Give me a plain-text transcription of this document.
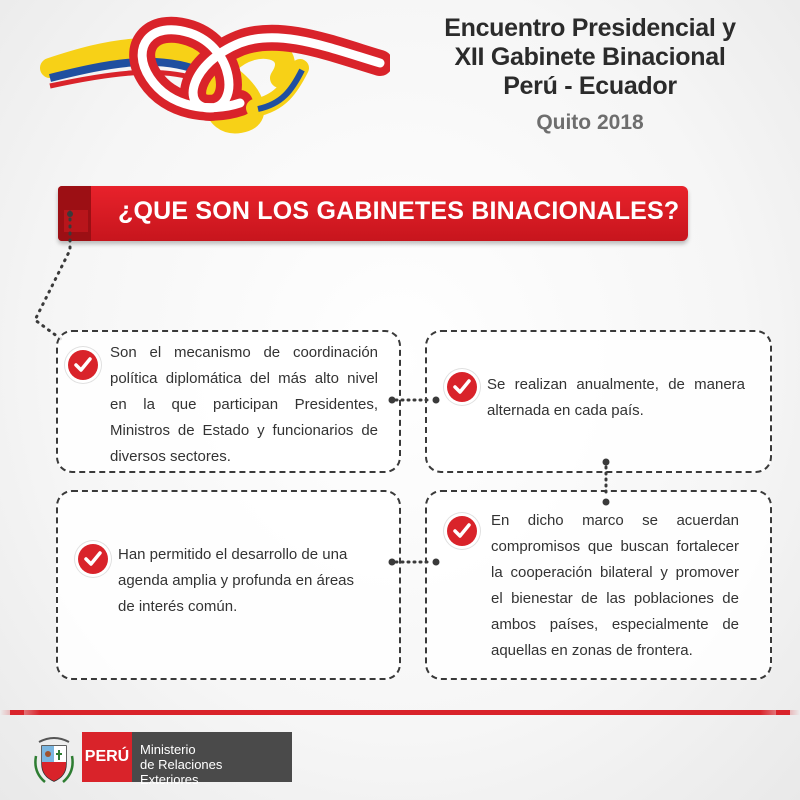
Encuentro Presidencial y
XII Gabinete Binacional
Perú - Ecuador
Quito 2018
¿QUE SON LOS GABINETES BINACIONALES?
Son el mecanismo de coordinación política diplomática del más alto nivel en la que participan Presidentes, Ministros de Estado y funcionarios de diversos sectores.
Se realizan anualmente, de manera alternada en cada país.
Han permitido el desarrollo de una agenda amplia y profunda en áreas de interés común.
En dicho marco se acuerdan compromisos que buscan fortalecer la cooperación bilateral y promover el bienestar de las poblaciones de ambos países, especialmente de aquellas en zonas de frontera.
PERÚ Ministerio
de Relaciones Exteriores
